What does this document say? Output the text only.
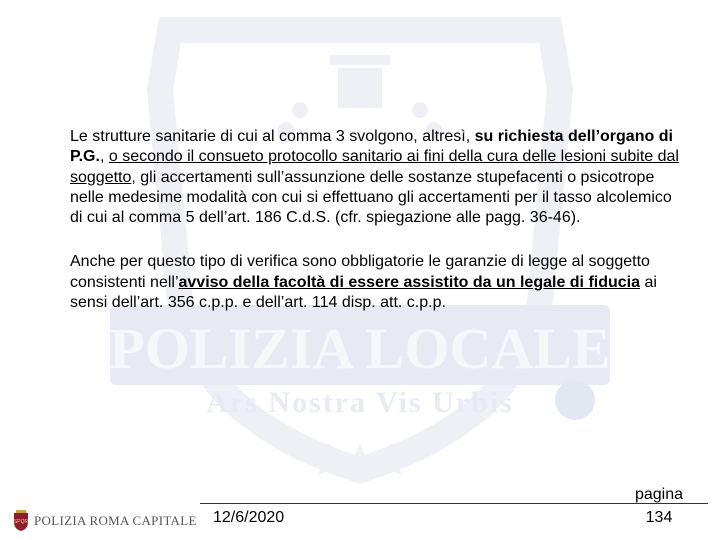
POLIZIA LOCALE
Ars Nostra Vis Urbis

Le strutture sanitarie di cui al comma 3 svolgono, altresì, su richiesta dell’organo di P.G., o secondo il consueto protocollo sanitario ai fini della cura delle lesioni subite dal soggetto, gli accertamenti sull’assunzione delle sostanze stupefacenti o psicotrope nelle medesime modalità con cui si effettuano gli accertamenti per il tasso alcolemico di cui al comma 5 dell’art. 186 C.d.S. (cfr. spiegazione alle pagg. 36-46).

Anche per questo tipo di verifica sono obbligatorie le garanzie di legge al soggetto consistenti nell’avviso della facoltà di essere assistito da un legale di fiducia ai sensi dell’art. 356 c.p.p. e dell’art. 114 disp. att. c.p.p.

SPQR POLIZIA ROMA CAPITALE 12/6/2020
pagina
134
